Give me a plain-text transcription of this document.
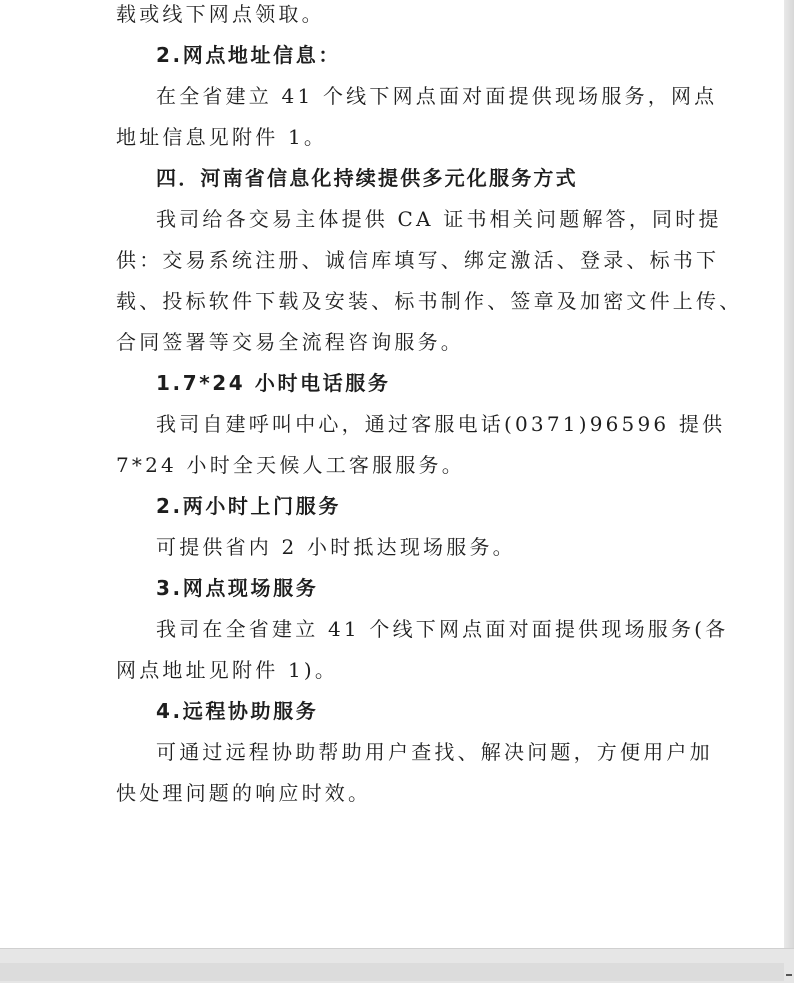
载或线下网点领取。
2.网点地址信息：
在全省建立 41 个线下网点面对面提供现场服务，网点
地址信息见附件 1。
四．河南省信息化持续提供多元化服务方式
我司给各交易主体提供 CA 证书相关问题解答，同时提
供：交易系统注册、诚信库填写、绑定激活、登录、标书下
载、投标软件下载及安装、标书制作、签章及加密文件上传、
合同签署等交易全流程咨询服务。
1.7*24 小时电话服务
我司自建呼叫中心，通过客服电话(0371)96596 提供
7*24 小时全天候人工客服服务。
2.两小时上门服务
可提供省内 2 小时抵达现场服务。
3.网点现场服务
我司在全省建立 41 个线下网点面对面提供现场服务(各
网点地址见附件 1)。
4.远程协助服务
可通过远程协助帮助用户查找、解决问题，方便用户加
快处理问题的响应时效。
